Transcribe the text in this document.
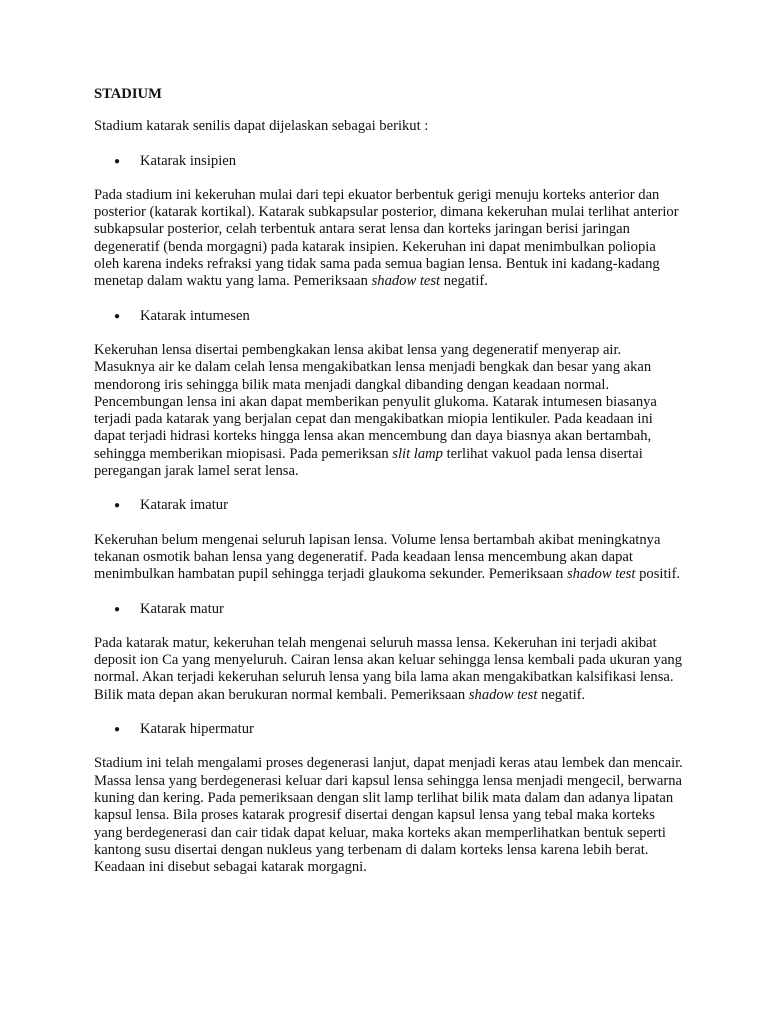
STADIUM

Stadium katarak senilis dapat dijelaskan sebagai berikut :

● Katarak insipien

Pada stadium ini kekeruhan mulai dari tepi ekuator berbentuk gerigi menuju korteks anterior dan posterior (katarak kortikal). Katarak subkapsular posterior, dimana kekeruhan mulai terlihat anterior subkapsular posterior, celah terbentuk antara serat lensa dan korteks jaringan berisi jaringan degeneratif (benda morgagni) pada katarak insipien. Kekeruhan ini dapat menimbulkan poliopia oleh karena indeks refraksi yang tidak sama pada semua bagian lensa. Bentuk ini kadang-kadang menetap dalam waktu yang lama. Pemeriksaan shadow test negatif.

● Katarak intumesen

Kekeruhan lensa disertai pembengkakan lensa akibat lensa yang degeneratif menyerap air. Masuknya air ke dalam celah lensa mengakibatkan lensa menjadi bengkak dan besar yang akan mendorong iris sehingga bilik mata menjadi dangkal dibanding dengan keadaan normal. Pencembungan lensa ini akan dapat memberikan penyulit glukoma. Katarak intumesen biasanya terjadi pada katarak yang berjalan cepat dan mengakibatkan miopia lentikuler. Pada keadaan ini dapat terjadi hidrasi korteks hingga lensa akan mencembung dan daya biasnya akan bertambah, sehingga memberikan miopisasi. Pada pemeriksan slit lamp terlihat vakuol pada lensa disertai peregangan jarak lamel serat lensa.

● Katarak imatur

Kekeruhan belum mengenai seluruh lapisan lensa. Volume lensa bertambah akibat meningkatnya tekanan osmotik bahan lensa yang degeneratif. Pada keadaan lensa mencembung akan dapat menimbulkan hambatan pupil sehingga terjadi glaukoma sekunder. Pemeriksaan shadow test positif.

● Katarak matur

Pada katarak matur, kekeruhan telah mengenai seluruh massa lensa. Kekeruhan ini terjadi akibat deposit ion Ca yang menyeluruh. Cairan lensa akan keluar sehingga lensa kembali pada ukuran yang normal. Akan terjadi kekeruhan seluruh lensa yang bila lama akan mengakibatkan kalsifikasi lensa. Bilik mata depan akan berukuran normal kembali. Pemeriksaan shadow test negatif.

● Katarak hipermatur

Stadium ini telah mengalami proses degenerasi lanjut, dapat menjadi keras atau lembek dan mencair. Massa lensa yang berdegenerasi keluar dari kapsul lensa sehingga lensa menjadi mengecil, berwarna kuning dan kering. Pada pemeriksaan dengan slit lamp terlihat bilik mata dalam dan adanya lipatan kapsul lensa. Bila proses katarak progresif disertai dengan kapsul lensa yang tebal maka korteks yang berdegenerasi dan cair tidak dapat keluar, maka korteks akan memperlihatkan bentuk seperti kantong susu disertai dengan nukleus yang terbenam di dalam korteks lensa karena lebih berat. Keadaan ini disebut sebagai katarak morgagni.
